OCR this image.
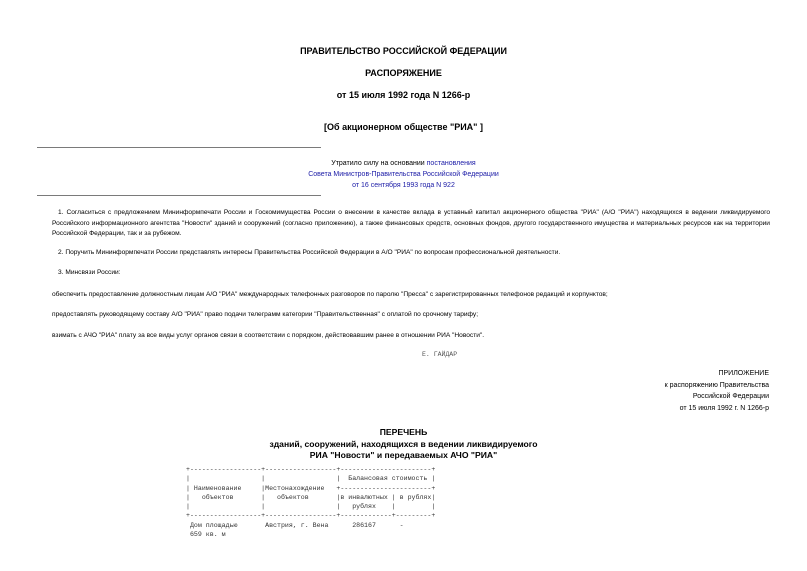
ПРАВИТЕЛЬСТВО РОССИЙСКОЙ ФЕДЕРАЦИИ
РАСПОРЯЖЕНИЕ
от 15 июля 1992 года N 1266-р
[Об акционерном обществе "РИА" ]
Утратило силу на основании постановления
Совета Министров-Правительства Российской Федерации
от 16 сентября 1993 года N 922
1. Согласиться с предложением Мининформпечати России и Госкомимущества России о внесении в качестве вклада в уставный капитал акционерного общества "РИА" (А/О "РИА") находящихся в ведении ликвидируемого Российского информационного агентства "Новости" зданий и сооружений (согласно приложению), а также финансовых средств, основных фондов, другого государственного имущества и материальных ресурсов как на территории Российской Федерации, так и за рубежом.
2. Поручить Мининформпечати России представлять интересы Правительства Российской Федерации в А/О "РИА" по вопросам профессиональной деятельности.
3. Минсвязи России:
обеспечить предоставление должностным лицам А/О "РИА" международных телефонных разговоров по паролю "Пресса" с зарегистрированных телефонов редакций и корпунктов;
предоставлять руководящему составу А/О "РИА" право подачи телеграмм категории "Правительственная" с оплатой по срочному тарифу;
взимать с АЧО "РИА" плату за все виды услуг органов связи в соответствии с порядком, действовавшим ранее в отношении РИА "Новости".
Е. ГАЙДАР
ПРИЛОЖЕНИЕ
к распоряжению Правительства
Российской Федерации
от 15 июля 1992 г. N 1266-р
ПЕРЕЧЕНЬ
зданий, сооружений, находящихся в ведении ликвидируемого
РИА "Новости" и передаваемых АЧО "РИА"
+------------------+------------------+-----------------------+
|                  |                  |  Балансовая стоимость |
| Наименование     |Местонахождение   +-----------------------+
|   объектов       |   объектов       |в инвалютных | в рублях|
|                  |                  |   рублях    |         |
+------------------+------------------+-------------+---------+
Дом площадью       Австрия, г. Вена      286167      -
659 кв. м
